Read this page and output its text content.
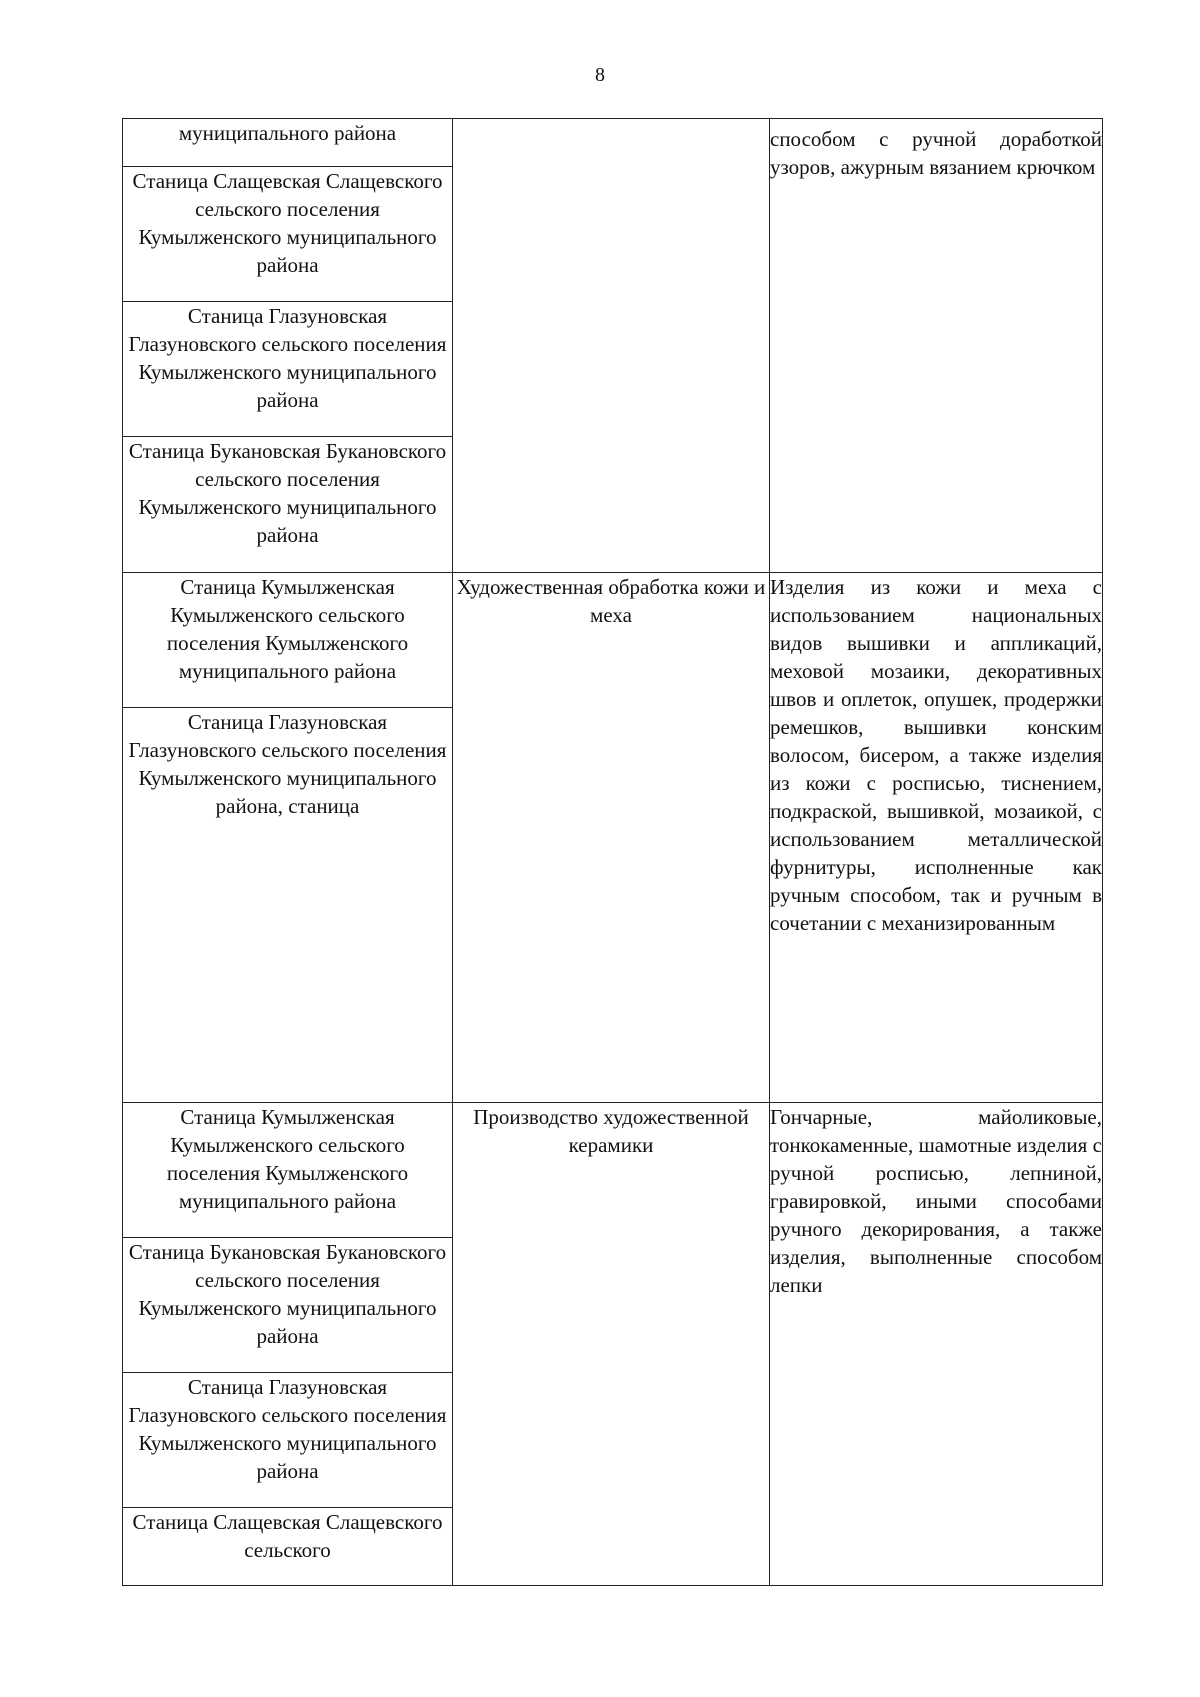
8
муниципального района		способом с ручной доработкой узоров, ажурным вязанием крючком
Станица Слащевская Слащевского сельского поселения Кумылженского муниципального района		
Станица Глазуновская Глазуновского сельского поселения Кумылженского муниципального района		
Станица Букановская Букановского сельского поселения Кумылженского муниципального района		
Станица Кумылженская Кумылженского сельского поселения Кумылженского муниципального района	Художественная обработка кожи и меха	Изделия из кожи и меха с использованием национальных видов вышивки и аппликаций, меховой мозаики, декоративных швов и оплеток, опушек, продержки ремешков, вышивки конским волосом, бисером, а также изделия из кожи с росписью, тиснением, подкраской, вышивкой, мозаикой, с использованием металлической фурнитуры, исполненные как ручным способом, так и ручным в сочетании с механизированным
Станица Глазуновская Глазуновского сельского поселения Кумылженского муниципального района, станица		
Станица Кумылженская Кумылженского сельского поселения Кумылженского муниципального района	Производство художественной керамики	Гончарные, майоликовые, тонкокаменные, шамотные изделия с ручной росписью, лепниной, гравировкой, иными способами ручного декорирования, а также изделия, выполненные способом лепки
Станица Букановская Букановского сельского поселения Кумылженского муниципального района		
Станица Глазуновская Глазуновского сельского поселения Кумылженского муниципального района		
Станица Слащевская Слащевского сельского		
